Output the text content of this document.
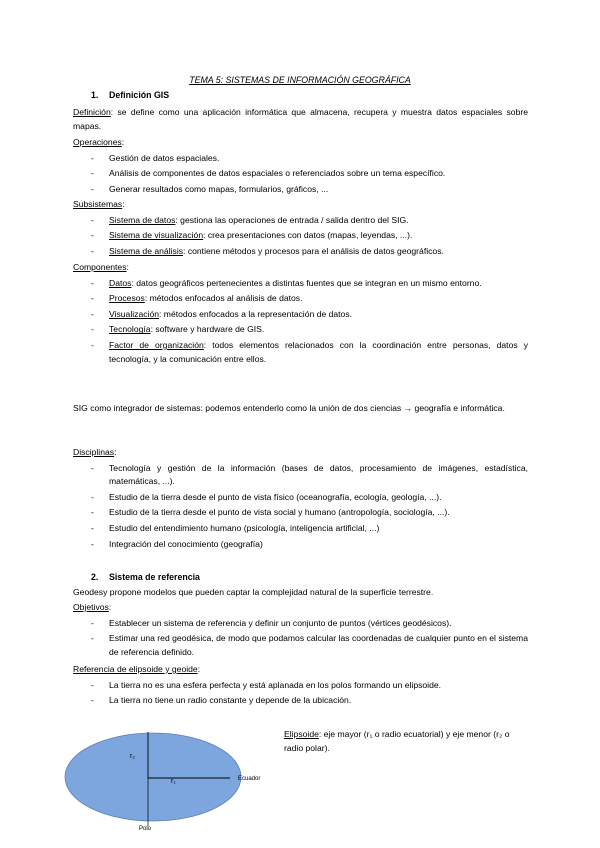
TEMA 5: SISTEMAS DE INFORMACIÓN GEOGRÁFICA
1. Definición GIS
Definición: se define como una aplicación informática que almacena, recupera y muestra datos espaciales sobre mapas.
Operaciones:
- Gestión de datos espaciales.
- Análisis de componentes de datos espaciales o referenciados sobre un tema específico.
- Generar resultados como mapas, formularios, gráficos, ...
Subsistemas:
- Sistema de datos: gestiona las operaciones de entrada / salida dentro del SIG.
- Sistema de visualización: crea presentaciones con datos (mapas, leyendas, ...).
- Sistema de análisis: contiene métodos y procesos para el análisis de datos geográficos.
Componentes:
- Datos: datos geográficos pertenecientes a distintas fuentes que se integran en un mismo entorno.
- Procesos: métodos enfocados al análisis de datos.
- Visualización: métodos enfocados a la representación de datos.
- Tecnología: software y hardware de GIS.
- Factor de organización: todos elementos relacionados con la coordinación entre personas, datos y tecnología, y la comunicación entre ellos.
SIG como integrador de sistemas: podemos entenderlo como la unión de dos ciencias → geografía e informática.
Disciplinas:
- Tecnología y gestión de la información (bases de datos, procesamiento de imágenes, estadística, matemáticas, ...).
- Estudio de la tierra desde el punto de vista físico (oceanografía, ecología, geología, ...).
- Estudio de la tierra desde el punto de vista social y humano (antropología, sociología, ...).
- Estudio del entendimiento humano (psicología, inteligencia artificial, ...)
- Integración del conocimiento (geografía)
2. Sistema de referencia
Geodesy propone modelos que pueden captar la complejidad natural de la superficie terrestre.
Objetivos:
- Establecer un sistema de referencia y definir un conjunto de puntos (vértices geodésicos).
- Estimar una red geodésica, de modo que podamos calcular las coordenadas de cualquier punto en el sistema de referencia definido.
Referencia de elipsoide y geoide:
- La tierra no es una esfera perfecta y está aplanada en los polos formando un elipsoide.
- La tierra no tiene un radio constante y depende de la ubicación.
r₂
r₁	Ecuador
Polo
Elipsoide: eje mayor (r₁ o radio ecuatorial) y eje menor (r₂ o radio polar).
